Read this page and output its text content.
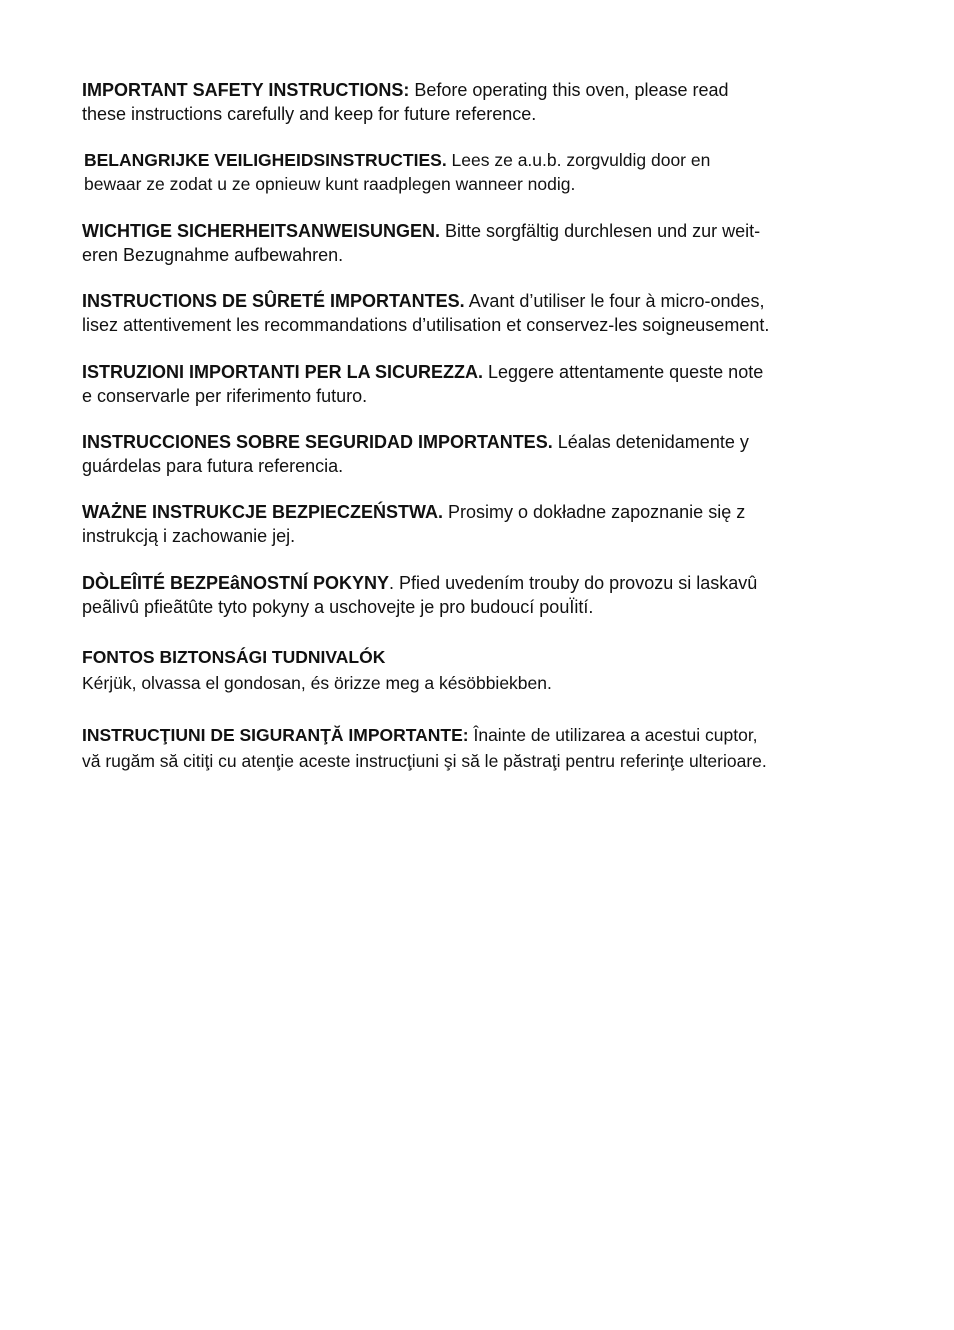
IMPORTANT SAFETY INSTRUCTIONS: Before operating this oven, please read
these instructions carefully and keep for future reference.
BELANGRIJKE VEILIGHEIDSINSTRUCTIES. Lees ze a.u.b. zorgvuldig door en
bewaar ze zodat u ze opnieuw kunt raadplegen wanneer nodig.
WICHTIGE SICHERHEITSANWEISUNGEN. Bitte sorgfältig durchlesen und zur weit-
eren Bezugnahme aufbewahren.
INSTRUCTIONS DE SÛRETÉ IMPORTANTES. Avant d’utiliser le four à micro-ondes,
lisez attentivement les recommandations d’utilisation et conservez-les soigneusement.
ISTRUZIONI IMPORTANTI PER LA SICUREZZA. Leggere attentamente queste note
e conservarle per riferimento futuro.
INSTRUCCIONES SOBRE SEGURIDAD IMPORTANTES. Léalas detenidamente y
guárdelas para futura referencia.
WAŻNE INSTRUKCJE BEZPIECZEŃSTWA. Prosimy o dokładne zapoznanie się z
instrukcją i zachowanie jej.
DÒLEÎITÉ BEZPEâNOSTNÍ POKYNY. Pfied uvedením trouby do provozu si laskavû
peãlivû pfieãtûte tyto pokyny a uschovejte je pro budoucí pouÏití.
FONTOS BIZTONSÁGI TUDNIVALÓK
Kérjük, olvassa el gondosan, és örizze meg a késöbbiekben.
INSTRUCŢIUNI DE SIGURANŢĂ IMPORTANTE: Înainte de utilizarea a acestui cuptor,
vă rugăm să citiţi cu atenţie aceste instrucţiuni şi să le păstraţi pentru referinţe ulterioare.
